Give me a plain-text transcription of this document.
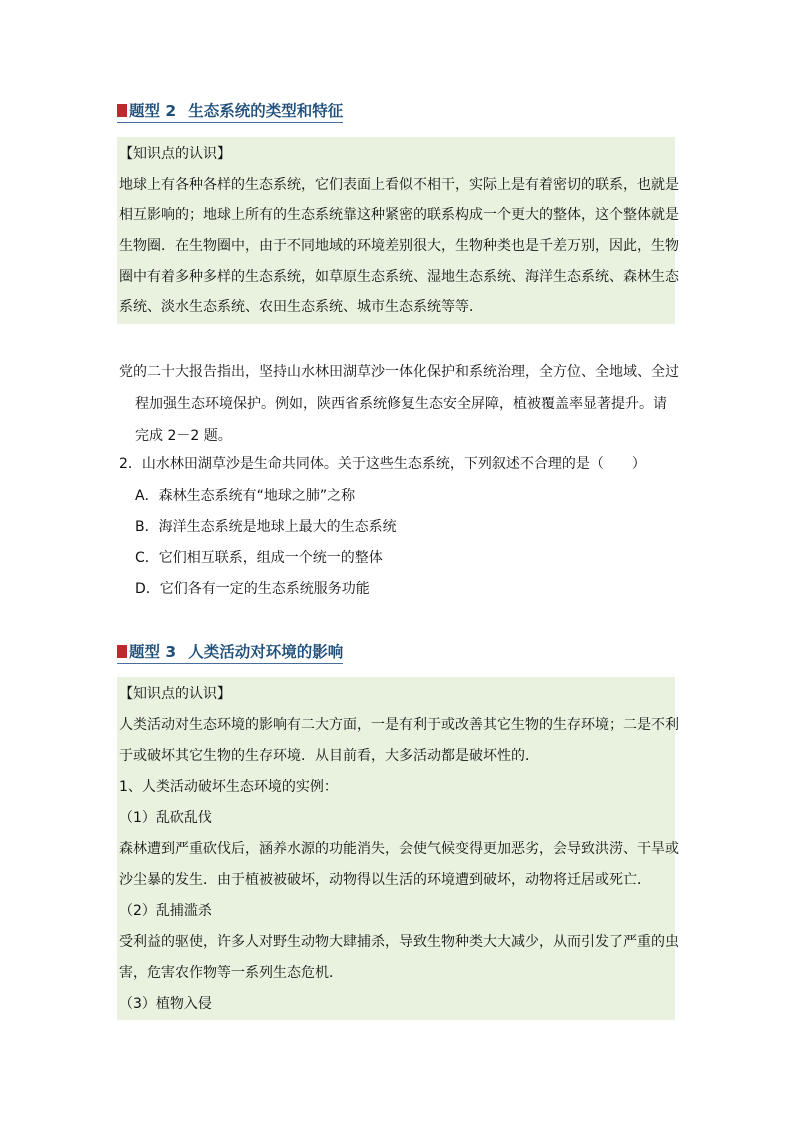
题型 2 生态系统的类型和特征
【知识点的认识】
地球上有各种各样的生态系统，它们表面上看似不相干，实际上是有着密切的联系，也就是
相互影响的；地球上所有的生态系统靠这种紧密的联系构成一个更大的整体，这个整体就是
生物圈．在生物圈中，由于不同地域的环境差别很大，生物种类也是千差万别，因此，生物
圈中有着多种多样的生态系统，如草原生态系统、湿地生态系统、海洋生态系统、森林生态
系统、淡水生态系统、农田生态系统、城市生态系统等等．
党的二十大报告指出，坚持山水林田湖草沙一体化保护和系统治理，全方位、全地域、全过
程加强生态环境保护。例如，陕西省系统修复生态安全屏障，植被覆盖率显著提升。请
完成 2－2 题。
2．山水林田湖草沙是生命共同体。关于这些生态系统，下列叙述不合理的是（　　）
A．森林生态系统有“地球之肺”之称
B．海洋生态系统是地球上最大的生态系统
C．它们相互联系，组成一个统一的整体
D．它们各有一定的生态系统服务功能
题型 3 人类活动对环境的影响
【知识点的认识】
人类活动对生态环境的影响有二大方面，一是有利于或改善其它生物的生存环境；二是不利
于或破坏其它生物的生存环境．从目前看，大多活动都是破坏性的．
1、人类活动破坏生态环境的实例：
（1）乱砍乱伐
森林遭到严重砍伐后，涵养水源的功能消失，会使气候变得更加恶劣，会导致洪涝、干旱或
沙尘暴的发生．由于植被被破坏，动物得以生活的环境遭到破坏，动物将迁居或死亡．
（2）乱捕滥杀
受利益的驱使，许多人对野生动物大肆捕杀，导致生物种类大大减少，从而引发了严重的虫
害，危害农作物等一系列生态危机．
（3）植物入侵
